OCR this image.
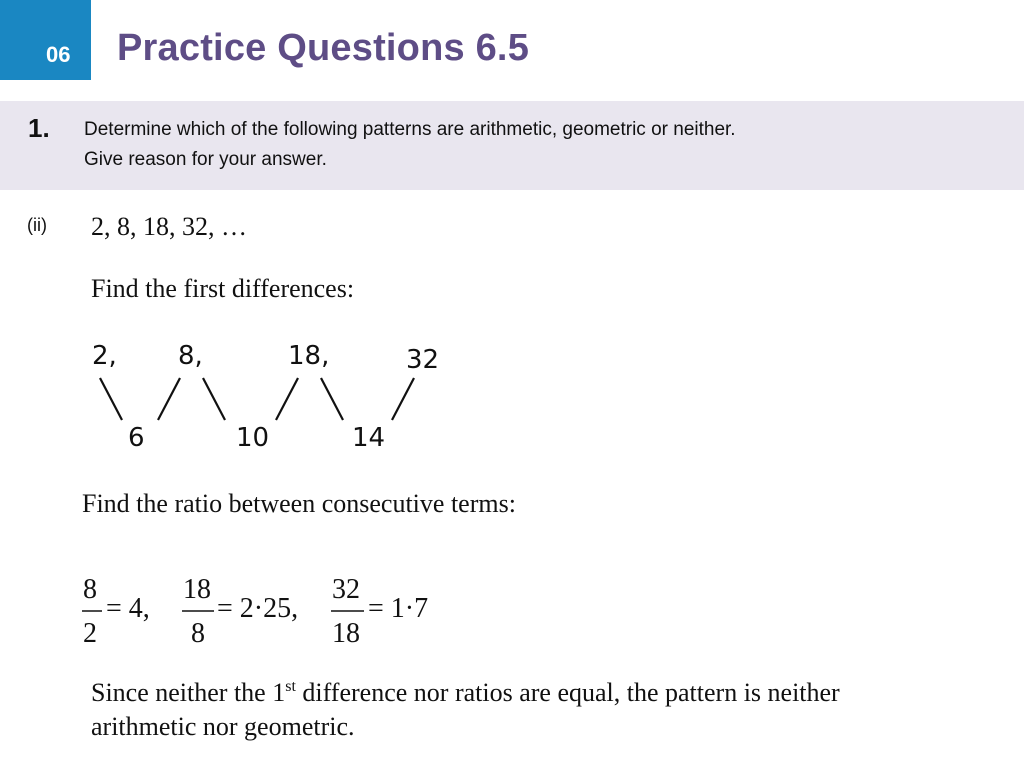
06 Practice Questions 6.5
1. Determine which of the following patterns are arithmetic, geometric or neither.
Give reason for your answer.
(ii) 2, 8, 18, 32, …
Find the first differences:
2, 8,	18,	32
6	10	14
Find the ratio between consecutive terms:
8
2
= 4,
18
8
= 2·25,
32
18
= 1·7
Since neither the 1st difference nor ratios are equal, the pattern is neither arithmetic nor geometric.
